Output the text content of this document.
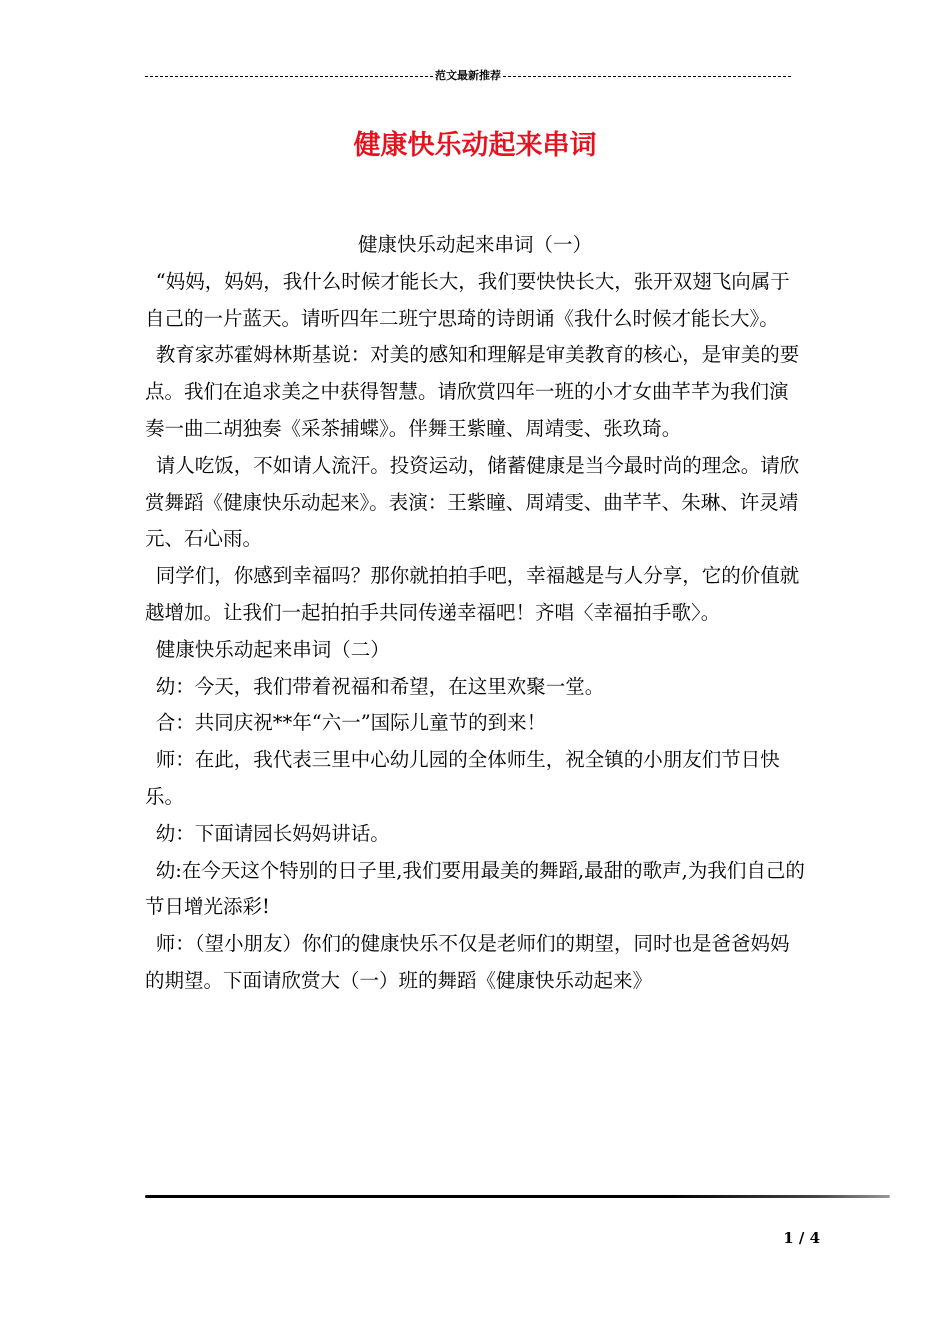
范文最新推荐
健康快乐动起来串词

健康快乐动起来串词（一）

“妈妈，妈妈，我什么时候才能长大，我们要快快长大，张开双翅飞向属于自己的一片蓝天。请听四年二班宁思琦的诗朗诵《我什么时候才能长大》。

教育家苏霍姆林斯基说：对美的感知和理解是审美教育的核心，是审美的要点。我们在追求美之中获得智慧。请欣赏四年一班的小才女曲芊芊为我们演奏一曲二胡独奏《采茶捕蝶》。伴舞王紫瞳、周靖雯、张玖琦。

请人吃饭，不如请人流汗。投资运动，储蓄健康是当今最时尚的理念。请欣赏舞蹈《健康快乐动起来》。表演：王紫瞳、周靖雯、曲芊芊、朱琳、许灵靖元、石心雨。

同学们，你感到幸福吗？那你就拍拍手吧，幸福越是与人分享，它的价值就越增加。让我们一起拍拍手共同传递幸福吧！齐唱〈幸福拍手歌〉。

健康快乐动起来串词（二）

幼：今天，我们带着祝福和希望，在这里欢聚一堂。

合：共同庆祝**年“六一”国际儿童节的到来！

师：在此，我代表三里中心幼儿园的全体师生，祝全镇的小朋友们节日快乐。

幼：下面请园长妈妈讲话。

幼:在今天这个特别的日子里,我们要用最美的舞蹈,最甜的歌声,为我们自己的节日增光添彩!

师：（望小朋友）你们的健康快乐不仅是老师们的期望，同时也是爸爸妈妈的期望。下面请欣赏大（一）班的舞蹈《健康快乐动起来》

1 / 4
